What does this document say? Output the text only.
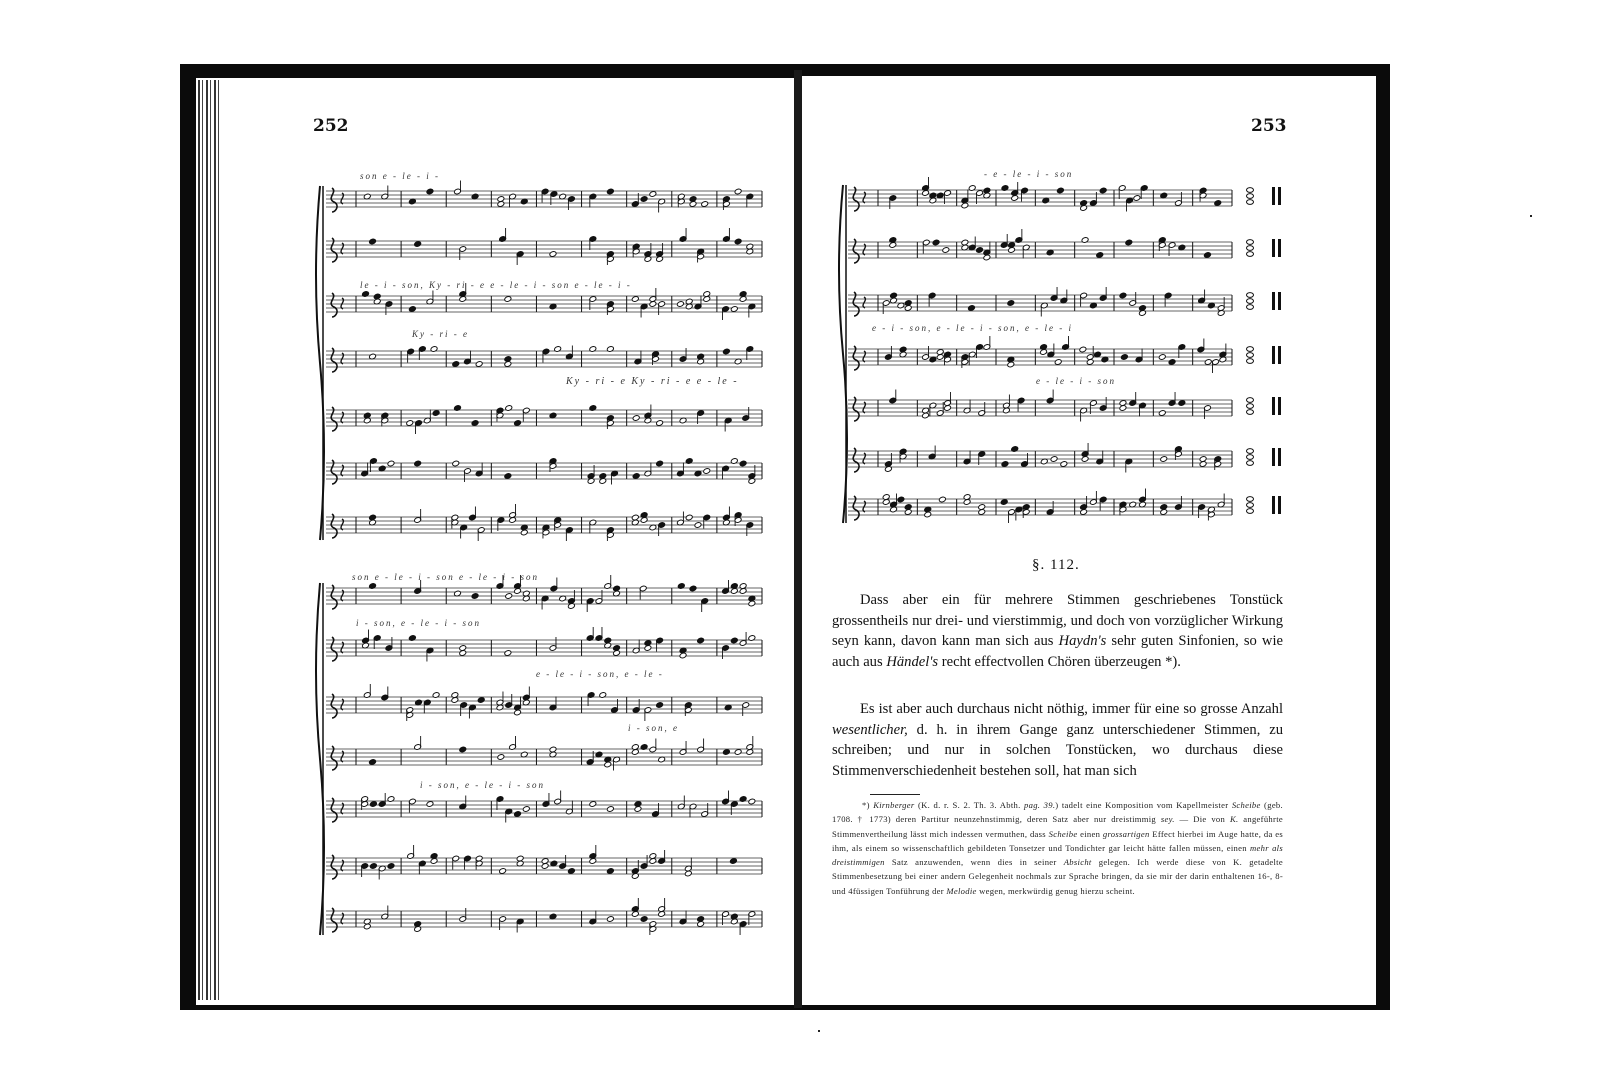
252	253
son e - le - i -
le - i - son, Ky - ri - e e - le - i - son e - le - i -
Ky - ri - e
Ky - ri - e Ky - ri - e e - le -
son e - le - i - son e - le - i - son
i - son, e - le - i - son
e - le - i - son, e - le -
i - son, e
i - son, e - le - i - son
- e - le - i - son
e - i - son, e - le - i - son, e - le - i
e - le - i - son
§. 112.
Dass aber ein für mehrere Stimmen geschriebenes Tonstück grossentheils nur drei- und vierstimmig, und doch von vorzüglicher Wirkung seyn kann, davon kann man sich aus Haydn's sehr guten Sinfonien, so wie auch aus Händel's recht effectvollen Chören überzeugen *).
Es ist aber auch durchaus nicht nöthig, immer für eine so grosse Anzahl wesentlicher, d. h. in ihrem Gange ganz unterschiedener Stimmen, zu schreiben; und nur in solchen Tonstücken, wo durchaus diese Stimmenverschiedenheit bestehen soll, hat man sich
*) Kirnberger (K. d. r. S. 2. Th. 3. Abth. pag. 39.) tadelt eine Komposition vom Kapellmeister Scheibe (geb. 1708. † 1773) deren Partitur neunzehnstimmig, deren Satz aber nur dreistimmig sey. — Die von K. angeführte Stimmenvertheilung lässt mich indessen vermuthen, dass Scheibe einen grossartigen Effect hierbei im Auge hatte, da es ihm, als einem so wissenschaftlich gebildeten Tonsetzer und Tondichter gar leicht hätte fallen müssen, einen mehr als dreistimmigen Satz anzuwenden, wenn dies in seiner Absicht gelegen. Ich werde diese von K. getadelte Stimmenbesetzung bei einer andern Gelegenheit nochmals zur Sprache bringen, da sie mir der darin enthaltenen 16-, 8- und 4füssigen Tonführung der Melodie wegen, merkwürdig genug hierzu scheint.
